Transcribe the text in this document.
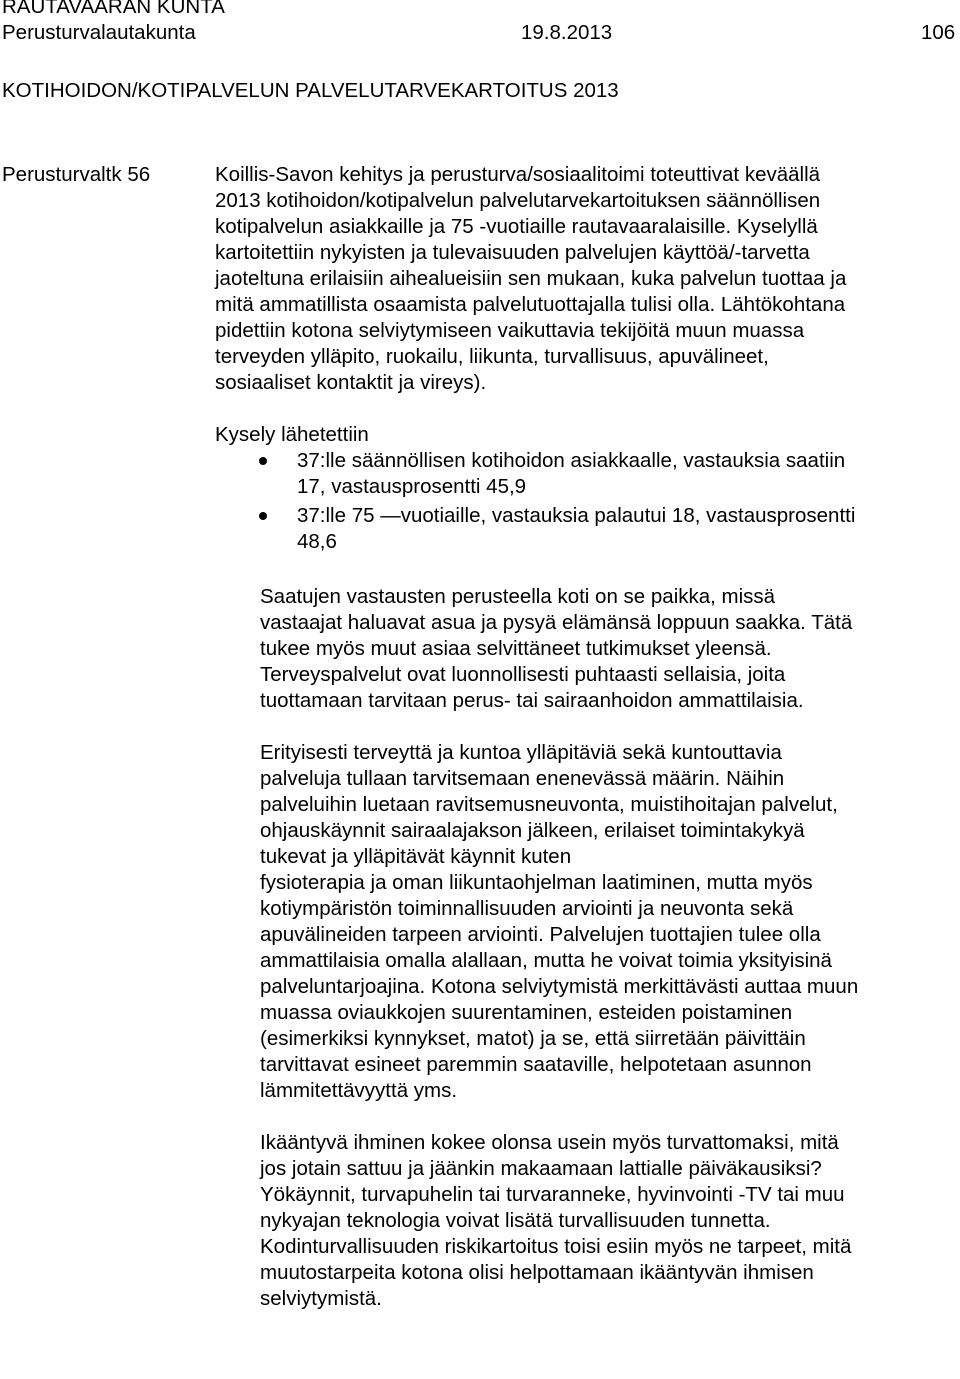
RAUTAVAARAN KUNTA
Perusturvalautakunta	19.8.2013	106
KOTIHOIDON/KOTIPALVELUN PALVELUTARVEKARTOITUS 2013
Perusturvaltk 56	Koillis-Savon kehitys ja perusturva/sosiaalitoimi toteuttivat keväällä
2013 kotihoidon/kotipalvelun palvelutarvekartoituksen säännöllisen
kotipalvelun asiakkaille ja 75 -vuotiaille rautavaaralaisille. Kyselyllä
kartoitettiin nykyisten ja tulevaisuuden palvelujen käyttöä/-tarvetta
jaoteltuna erilaisiin aihealueisiin sen mukaan, kuka palvelun tuottaa ja
mitä ammatillista osaamista palvelutuottajalla tulisi olla. Lähtökohtana
pidettiin kotona selviytymiseen vaikuttavia tekijöitä muun muassa
terveyden ylläpito, ruokailu, liikunta, turvallisuus, apuvälineet,
sosiaaliset kontaktit ja vireys).

Kysely lähetettiin
37:lle säännöllisen kotihoidon asiakkaalle, vastauksia saatiin
17, vastausprosentti 45,9
37:lle 75 —vuotiaille, vastauksia palautui 18, vastausprosentti
48,6

Saatujen vastausten perusteella koti on se paikka, missä
vastaajat haluavat asua ja pysyä elämänsä loppuun saakka. Tätä
tukee myös muut asiaa selvittäneet tutkimukset yleensä.
Terveyspalvelut ovat luonnollisesti puhtaasti sellaisia, joita
tuottamaan tarvitaan perus- tai sairaanhoidon ammattilaisia.

Erityisesti terveyttä ja kuntoa ylläpitäviä sekä kuntouttavia
palveluja tullaan tarvitsemaan enenevässä määrin. Näihin
palveluihin luetaan ravitsemusneuvonta, muistihoitajan palvelut,
ohjauskäynnit sairaalajakson jälkeen, erilaiset toimintakykyä
tukevat ja ylläpitävät käynnit kuten
fysioterapia ja oman liikuntaohjelman laatiminen, mutta myös
kotiympäristön toiminnallisuuden arviointi ja neuvonta sekä
apuvälineiden tarpeen arviointi. Palvelujen tuottajien tulee olla
ammattilaisia omalla alallaan, mutta he voivat toimia yksityisinä
palveluntarjoajina. Kotona selviytymistä merkittävästi auttaa muun
muassa oviaukkojen suurentaminen, esteiden poistaminen
(esimerkiksi kynnykset, matot) ja se, että siirretään päivittäin
tarvittavat esineet paremmin saataville, helpotetaan asunnon
lämmitettävyyttä yms.

Ikääntyvä ihminen kokee olonsa usein myös turvattomaksi, mitä
jos jotain sattuu ja jäänkin makaamaan lattialle päiväkausiksi?
Yökäynnit, turvapuhelin tai turvaranneke, hyvinvointi -TV tai muu
nykyajan teknologia voivat lisätä turvallisuuden tunnetta.
Kodinturvallisuuden riskikartoitus toisi esiin myös ne tarpeet, mitä
muutostarpeita kotona olisi helpottamaan ikääntyvän ihmisen
selviytymistä.
